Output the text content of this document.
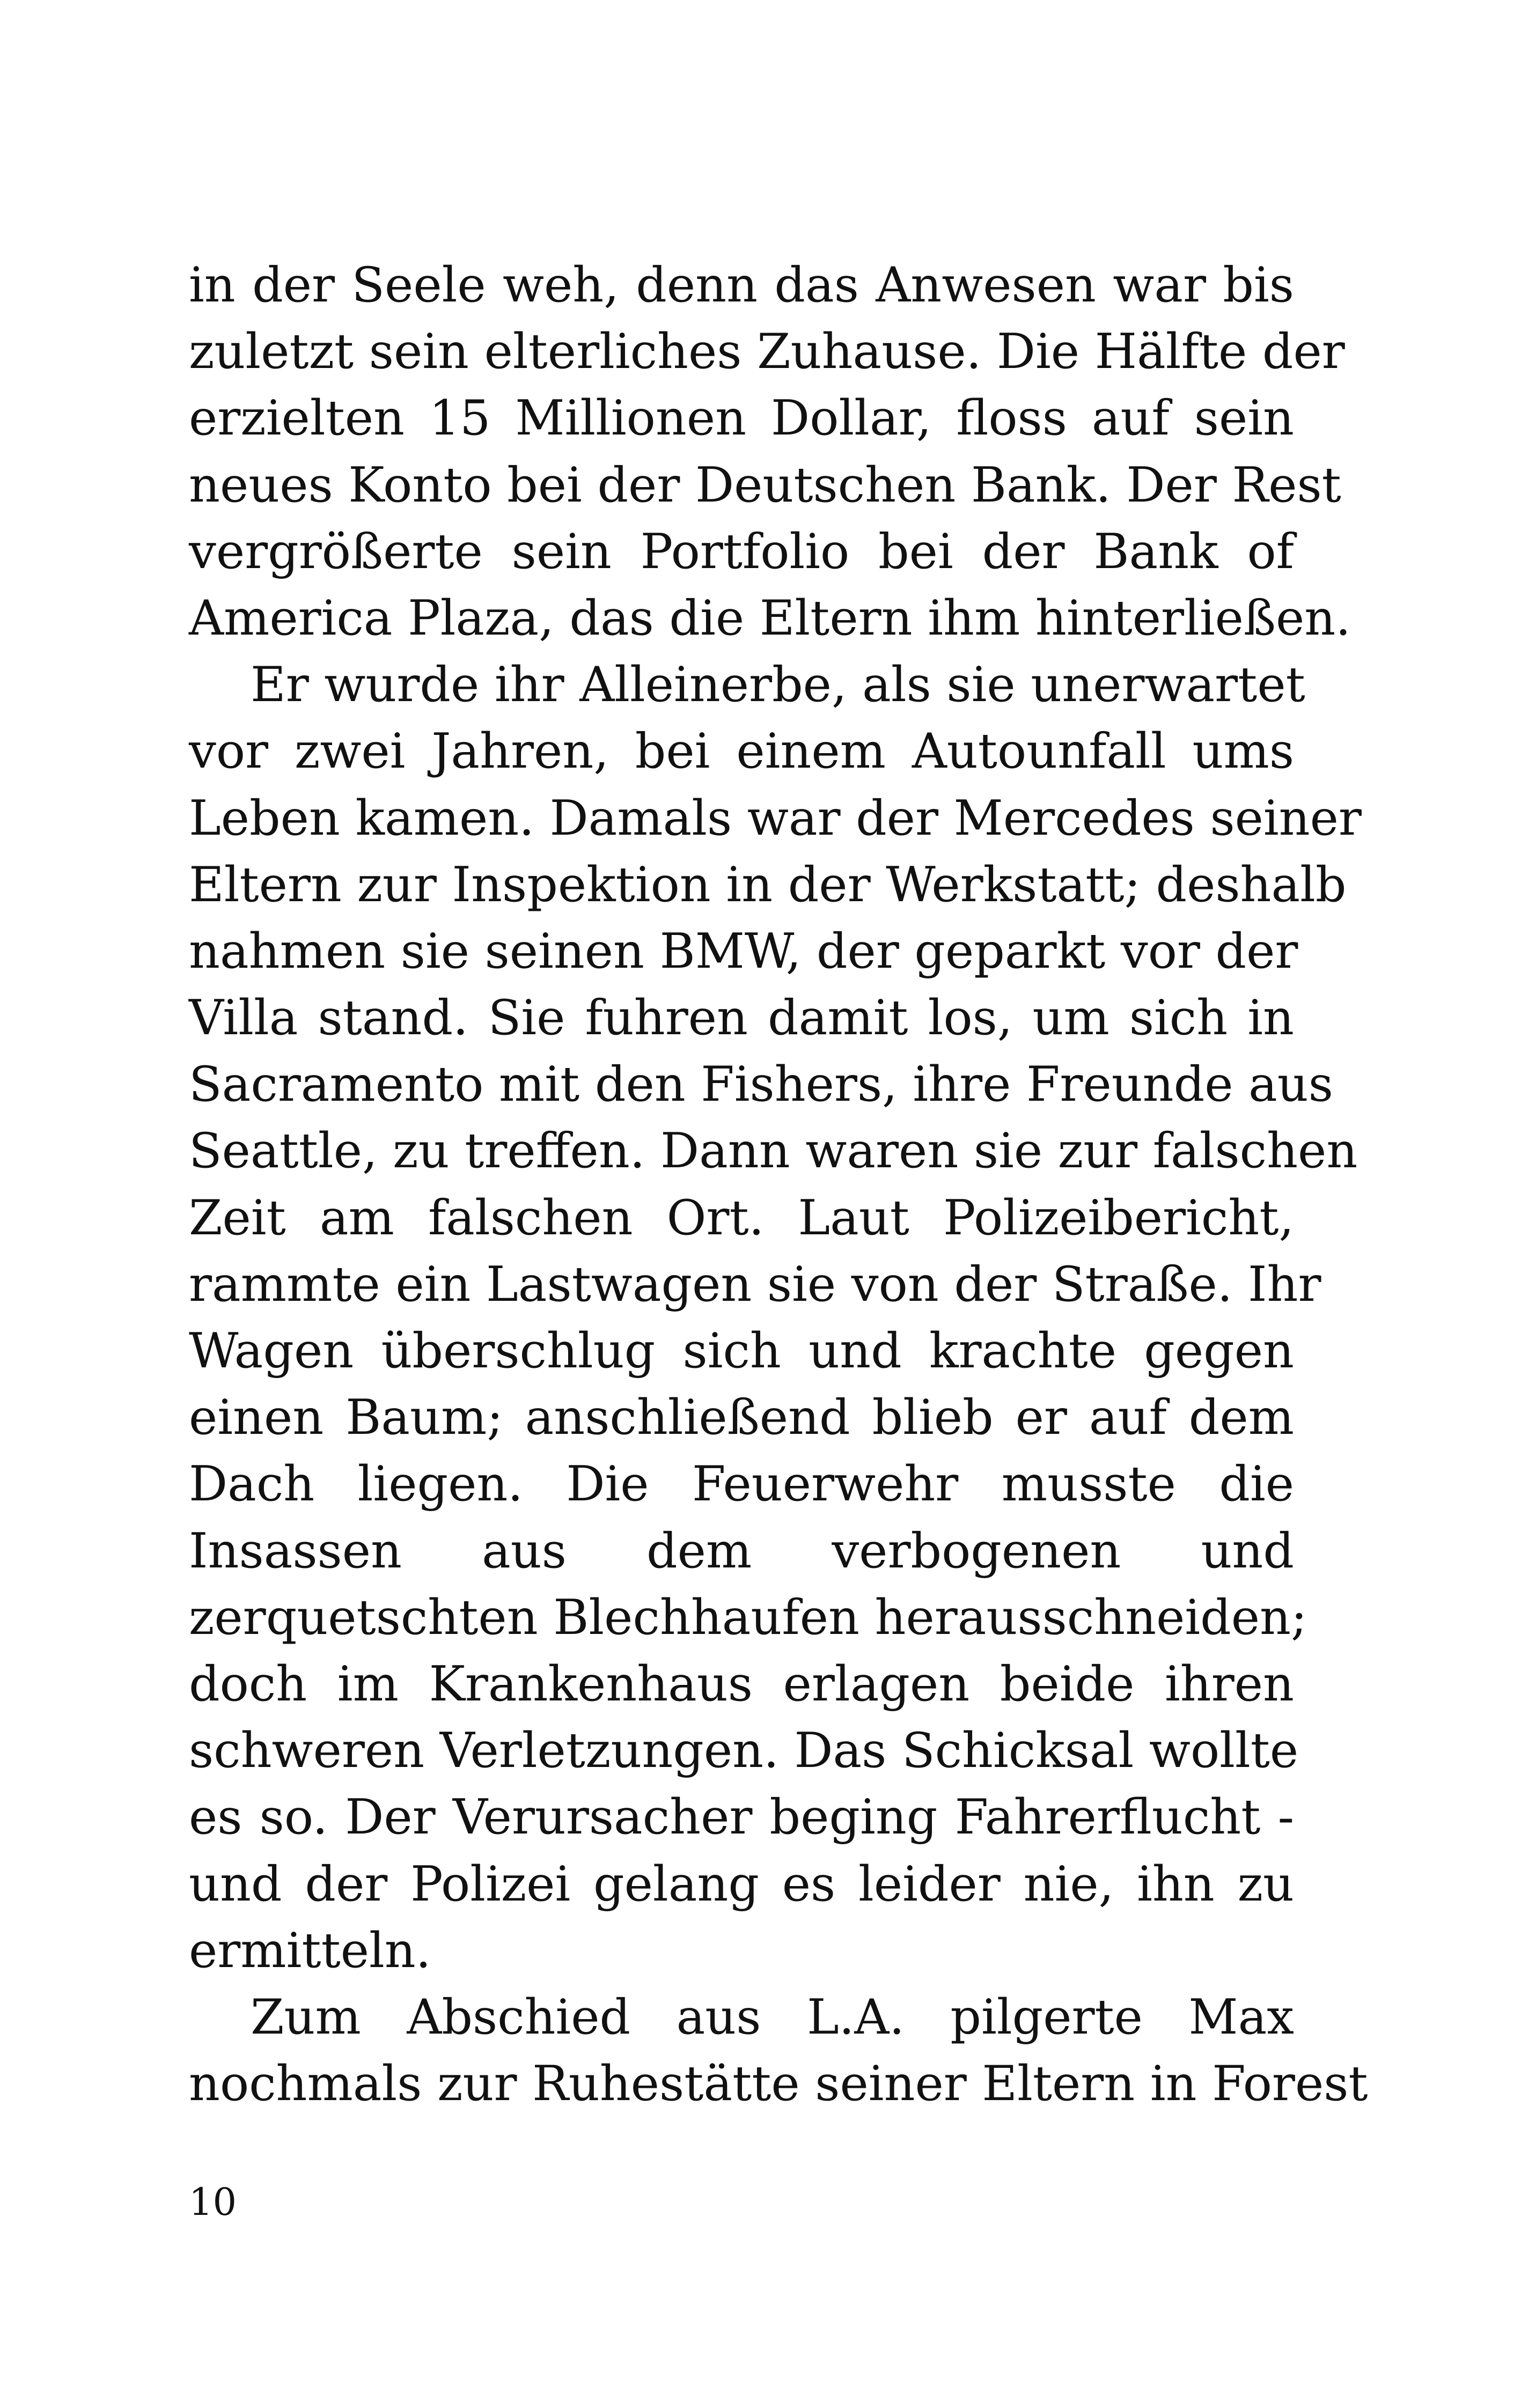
in der Seele weh, denn das Anwesen war bis
zuletzt sein elterliches Zuhause. Die Hälfte der
erzielten 15 Millionen Dollar, floss auf sein
neues Konto bei der Deutschen Bank. Der Rest
vergrößerte sein Portfolio bei der Bank of
America Plaza, das die Eltern ihm hinterließen.
Er wurde ihr Alleinerbe, als sie unerwartet
vor zwei Jahren, bei einem Autounfall ums
Leben kamen. Damals war der Mercedes seiner
Eltern zur Inspektion in der Werkstatt; deshalb
nahmen sie seinen BMW, der geparkt vor der
Villa stand. Sie fuhren damit los, um sich in
Sacramento mit den Fishers, ihre Freunde aus
Seattle, zu treffen. Dann waren sie zur falschen
Zeit am falschen Ort. Laut Polizeibericht,
rammte ein Lastwagen sie von der Straße. Ihr
Wagen überschlug sich und krachte gegen
einen Baum; anschließend blieb er auf dem
Dach liegen. Die Feuerwehr musste die
Insassen aus dem verbogenen und
zerquetschten Blechhaufen herausschneiden;
doch im Krankenhaus erlagen beide ihren
schweren Verletzungen. Das Schicksal wollte
es so. Der Verursacher beging Fahrerflucht -
und der Polizei gelang es leider nie, ihn zu
ermitteln.
Zum Abschied aus L.A. pilgerte Max
nochmals zur Ruhestätte seiner Eltern in Forest
10
